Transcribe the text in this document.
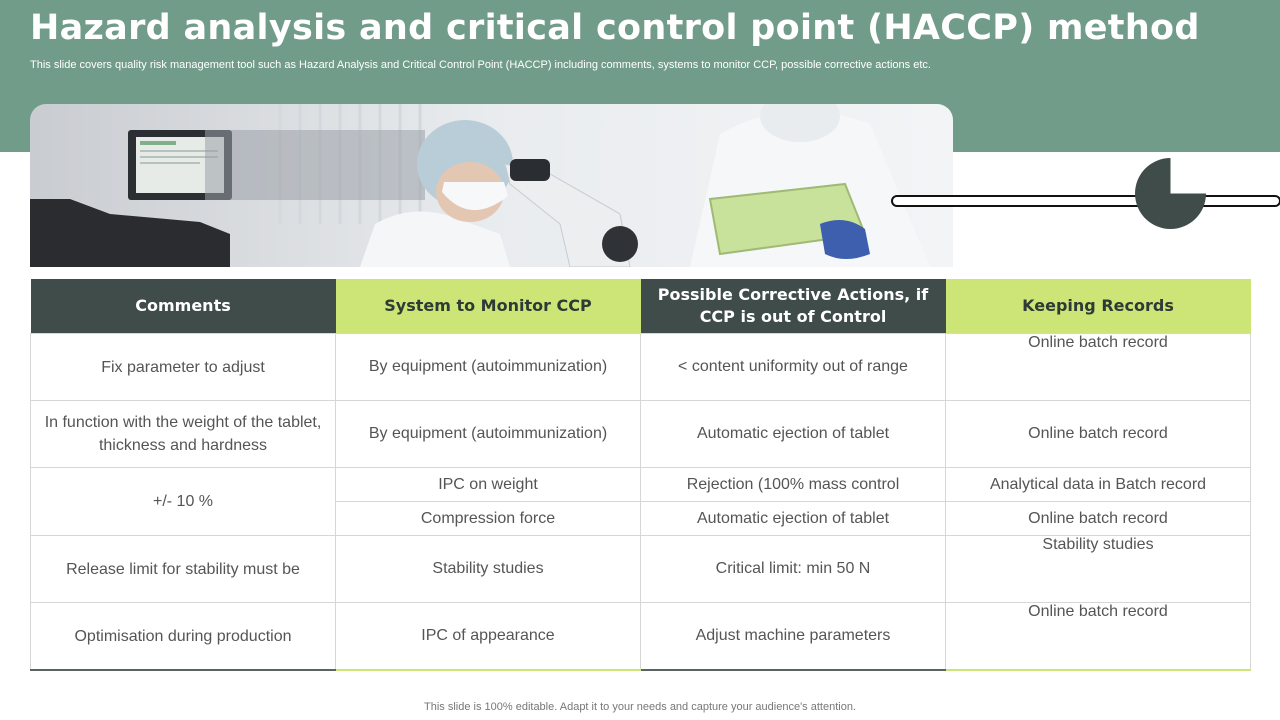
Hazard analysis and critical control point (HACCP) method
This slide covers quality risk management tool such as Hazard Analysis and Critical Control Point (HACCP) including comments, systems to monitor CCP, possible corrective actions etc.
Comments	System to Monitor CCP	Possible Corrective Actions, if CCP is out of Control	Keeping Records
Fix parameter to adjust	By equipment (autoimmunization)	< content uniformity out of range	Online batch record
In function with the weight of the tablet, thickness and hardness	By equipment (autoimmunization)	Automatic ejection of tablet	Online batch record
+/- 10 %	IPC on weight	Rejection (100% mass control	Analytical data in Batch record
	Compression force	Automatic ejection of tablet	Online batch record
Release limit for stability must be	Stability studies	Critical limit: min 50 N	Stability studies
Optimisation during production	IPC of appearance	Adjust machine parameters	Online batch record
This slide is 100% editable. Adapt it to your needs and capture your audience's attention.
